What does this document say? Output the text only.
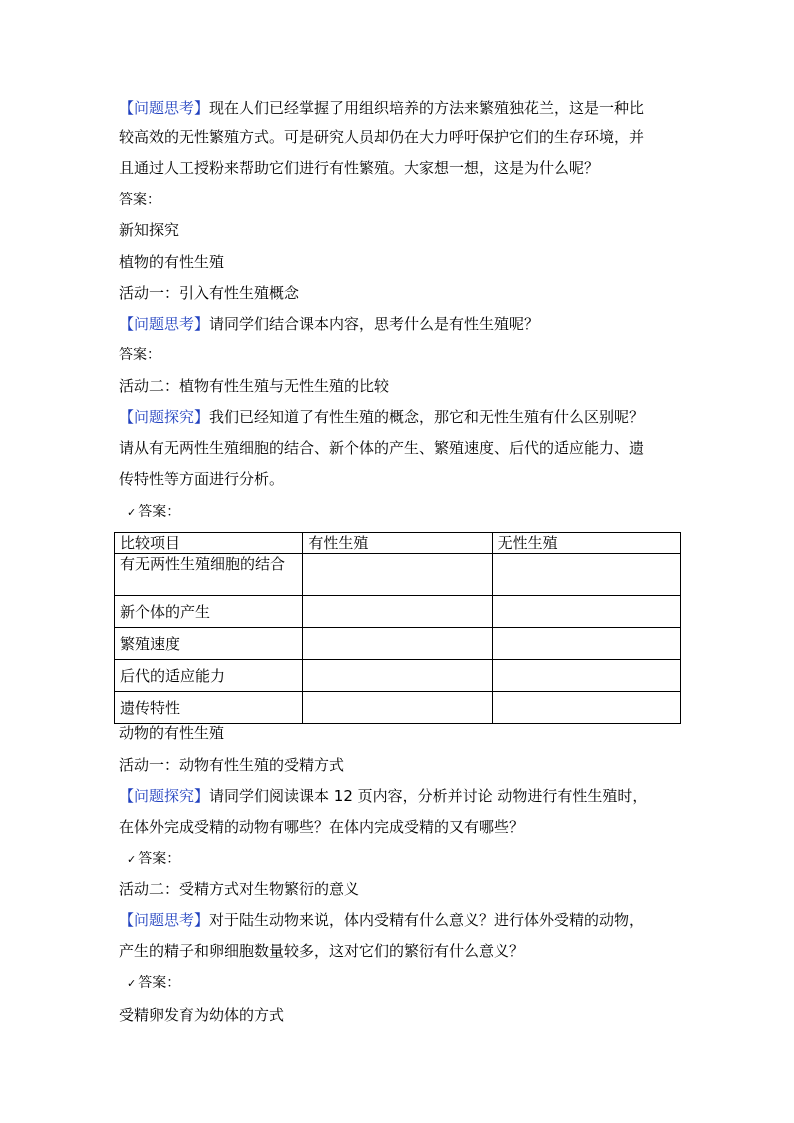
【问题思考】现在人们已经掌握了用组织培养的方法来繁殖独花兰，这是一种比
较高效的无性繁殖方式。可是研究人员却仍在大力呼吁保护它们的生存环境，并
且通过人工授粉来帮助它们进行有性繁殖。大家想一想，这是为什么呢？
答案：
新知探究
植物的有性生殖
活动一：引入有性生殖概念
【问题思考】请同学们结合课本内容，思考什么是有性生殖呢？
答案：
活动二：植物有性生殖与无性生殖的比较
【问题探究】我们已经知道了有性生殖的概念，那它和无性生殖有什么区别呢？
请从有无两性生殖细胞的结合、新个体的产生、繁殖速度、后代的适应能力、遗
传特性等方面进行分析。
✓ 答案：
比较项目	有性生殖	无性生殖
有无两性生殖细胞的结合		
新个体的产生		
繁殖速度		
后代的适应能力		
遗传特性		
动物的有性生殖
活动一：动物有性生殖的受精方式
【问题探究】请同学们阅读课本 12 页内容，分析并讨论 动物进行有性生殖时，
在体外完成受精的动物有哪些？在体内完成受精的又有哪些？
✓ 答案：
活动二：受精方式对生物繁衍的意义
【问题思考】对于陆生动物来说，体内受精有什么意义？进行体外受精的动物，
产生的精子和卵细胞数量较多，这对它们的繁衍有什么意义？
✓ 答案：
受精卵发育为幼体的方式
